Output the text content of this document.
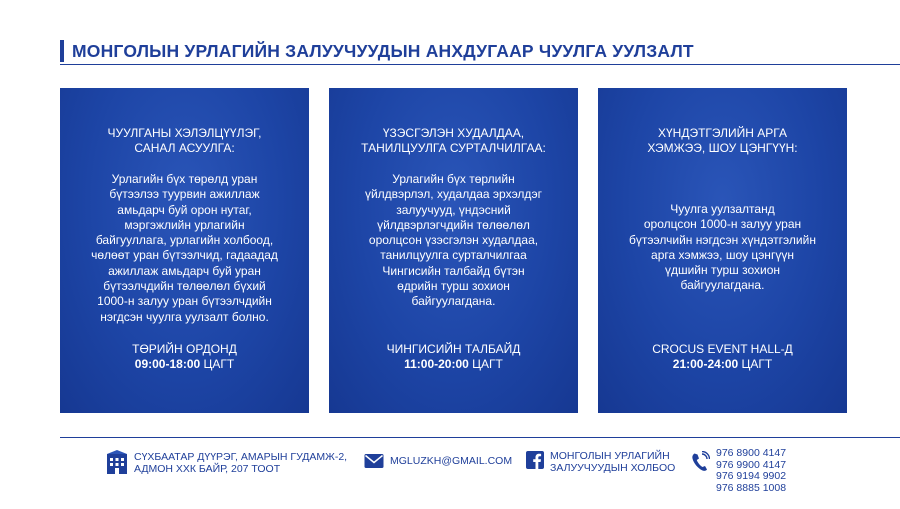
МОНГОЛЫН УРЛАГИЙН ЗАЛУУЧУУДЫН АНХДУГААР ЧУУЛГА УУЛЗАЛТ
ЧУУЛГАНЫ ХЭЛЭЛЦҮҮЛЭГ,
САНАЛ АСУУЛГА:
Урлагийн бүх төрөлд уран
бүтээлээ туурвин ажиллаж
амьдарч буй орон нутаг,
мэргэжлийн урлагийн
байгууллага, урлагийн холбоод,
чөлөөт уран бүтээлчид, гадаадад
ажиллаж амьдарч буй уран
бүтээлчдийн төлөөлөл бүхий
1000-н залуу уран бүтээлчдийн
нэгдсэн чуулга уулзалт болно.
ТӨРИЙН ОРДОНД
09:00-18:00 ЦАГТ
ҮЗЭСГЭЛЭН ХУДАЛДАА,
ТАНИЛЦУУЛГА СУРТАЛЧИЛГАА:
Урлагийн бүх төрлийн
үйлдвэрлэл, худалдаа эрхэлдэг
залуучууд, үндэсний
үйлдвэрлэгчдийн төлөөлөл
оролцсон үзэсгэлэн худалдаа,
танилцуулга сурталчилгаа
Чингисийн талбайд бүтэн
өдрийн турш зохион
байгуулагдана.
ЧИНГИСИЙН ТАЛБАЙД
11:00-20:00 ЦАГТ
ХҮНДЭТГЭЛИЙН АРГА
ХЭМЖЭЭ, ШОУ ЦЭНГҮҮН:
Чуулга уулзалтанд
оролцсон 1000-н залуу уран
бүтээлчийн нэгдсэн хүндэтгэлийн
арга хэмжээ, шоу цэнгүүн
үдшийн турш зохион
байгуулагдана.
CROCUS EVENT HALL-Д
21:00-24:00 ЦАГТ
СҮХБААТАР ДҮҮРЭГ, АМАРЫН ГУДАМЖ-2,
АДМОН ХХК БАЙР, 207 ТООТ
MGLUZKH@GMAIL.COM	МОНГОЛЫН УРЛАГИЙН
ЗАЛУУЧУУДЫН ХОЛБОО
976 8900 4147
976 9900 4147
976 9194 9902
976 8885 1008
